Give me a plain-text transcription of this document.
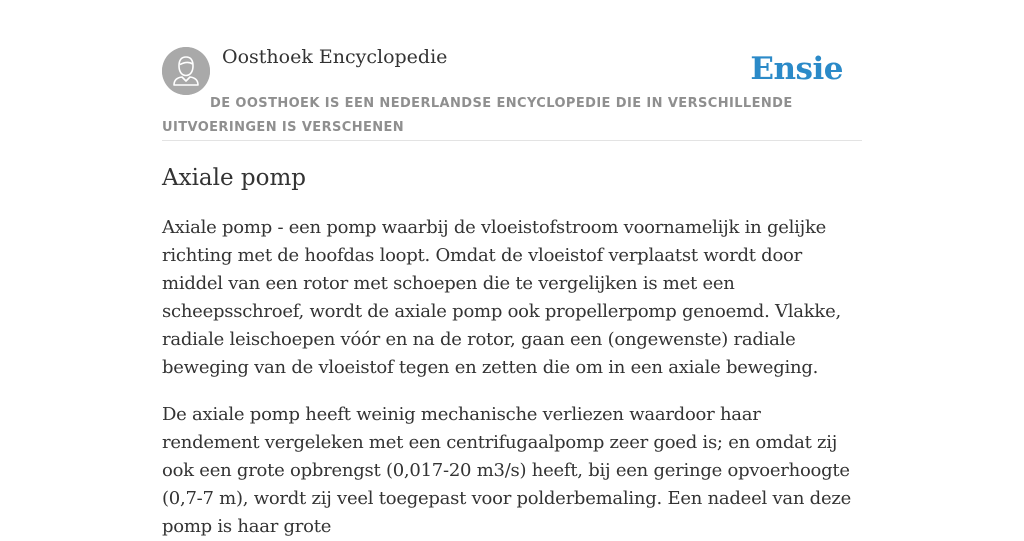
Oosthoek Encyclopedie	Ensie
DE OOSTHOEK IS EEN NEDERLANDSE ENCYCLOPEDIE DIE IN VERSCHILLENDE UITVOERINGEN IS VERSCHENEN
Axiale pomp

Axiale pomp - een pomp waarbij de vloeistofstroom voornamelijk in gelijke richting met de hoofdas loopt. Omdat de vloeistof verplaatst wordt door middel van een rotor met schoepen die te vergelijken is met een scheepsschroef, wordt de axiale pomp ook propellerpomp genoemd. Vlakke, radiale leischoepen vóór en na de rotor, gaan een (ongewenste) radiale beweging van de vloeistof tegen en zetten die om in een axiale beweging.

De axiale pomp heeft weinig mechanische verliezen waardoor haar rendement vergeleken met een centrifugaalpomp zeer goed is; en omdat zij ook een grote opbrengst (0,017-20 m3/s) heeft, bij een geringe opvoerhoogte (0,7-7 m), wordt zij veel toegepast voor polderbemaling. Een nadeel van deze pomp is haar grote
